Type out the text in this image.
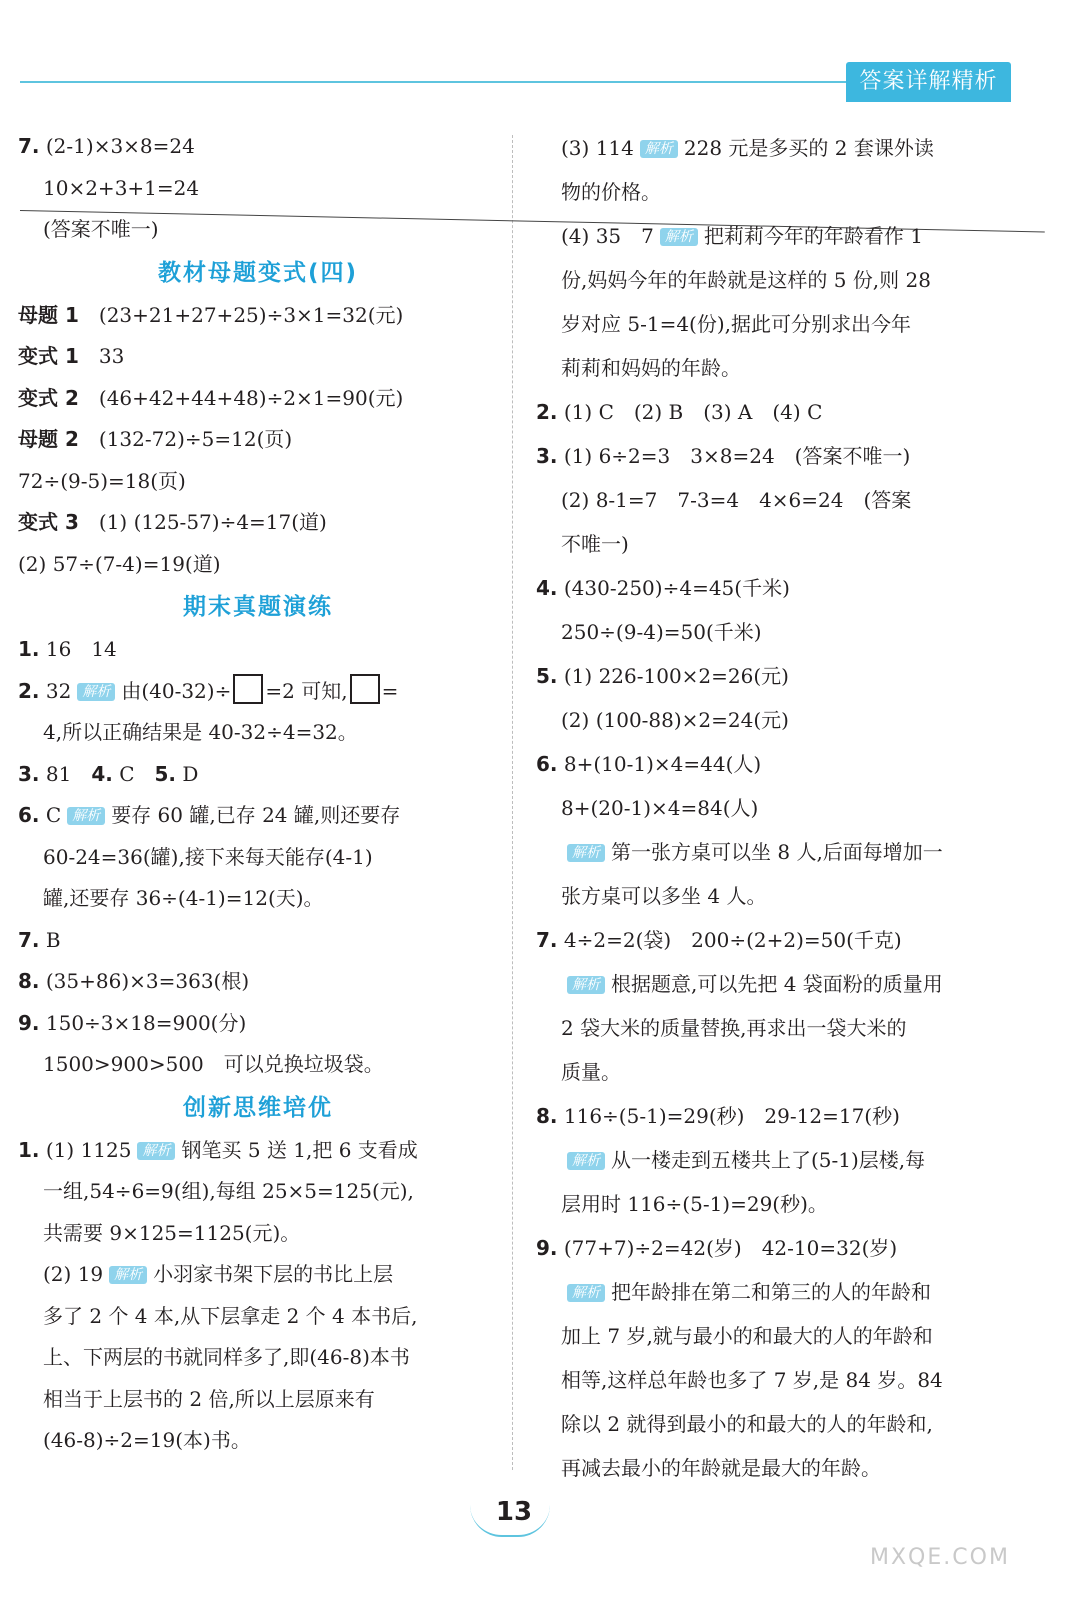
答案详解精析
7. (2-1)×3×8=24
10×2+3+1=24
(答案不唯一)
教材母题变式(四)
母题 1　 (23+21+27+25)÷3×1=32(元)
变式 1　 33
变式 2　 (46+42+44+48)÷2×1=90(元)
母题 2　 (132-72)÷5=12(页)
72÷(9-5)=18(页)
变式 3　 (1) (125-57)÷4=17(道)
(2) 57÷(7-4)=19(道)
期末真题演练
1. 16　14
2. 32 解析 由(40-32)÷ =2 可知, =
4,所以正确结果是 40-32÷4=32。
3. 81　 4. C　 5. D
6. C 解析 要存 60 罐,已存 24 罐,则还要存
60-24=36(罐),接下来每天能存(4-1)
罐,还要存 36÷(4-1)=12(天)。
7. B
8. (35+86)×3=363(根)
9. 150÷3×18=900(分)
1500>900>500　可以兑换垃圾袋。
创新思维培优
1. (1) 1125 解析 钢笔买 5 送 1,把 6 支看成
一组,54÷6=9(组),每组 25×5=125(元),
共需要 9×125=1125(元)。
(2) 19 解析 小羽家书架下层的书比上层
多了 2 个 4 本,从下层拿走 2 个 4 本书后,
上、下两层的书就同样多了,即(46-8)本书
相当于上层书的 2 倍,所以上层原来有
(46-8)÷2=19(本)书。
(3) 114 解析 228 元是多买的 2 套课外读
物的价格。
(4) 35　7 解析 把莉莉今年的年龄看作 1
份,妈妈今年的年龄就是这样的 5 份,则 28
岁对应 5-1=4(份),据此可分别求出今年
莉莉和妈妈的年龄。
2. (1) C　(2) B　(3) A　(4) C
3. (1) 6÷2=3　3×8=24　(答案不唯一)
(2) 8-1=7　7-3=4　4×6=24　(答案
不唯一)
4. (430-250)÷4=45(千米)
250÷(9-4)=50(千米)
5. (1) 226-100×2=26(元)
(2) (100-88)×2=24(元)
6. 8+(10-1)×4=44(人)
8+(20-1)×4=84(人)
解析 第一张方桌可以坐 8 人,后面每增加一
张方桌可以多坐 4 人。
7. 4÷2=2(袋)　200÷(2+2)=50(千克)
解析 根据题意,可以先把 4 袋面粉的质量用
2 袋大米的质量替换,再求出一袋大米的
质量。
8. 116÷(5-1)=29(秒)　29-12=17(秒)
解析 从一楼走到五楼共上了(5-1)层楼,每
层用时 116÷(5-1)=29(秒)。
9. (77+7)÷2=42(岁)　42-10=32(岁)
解析 把年龄排在第二和第三的人的年龄和
加上 7 岁,就与最小的和最大的人的年龄和
相等,这样总年龄也多了 7 岁,是 84 岁。84
除以 2 就得到最小的和最大的人的年龄和,
再减去最小的年龄就是最大的年龄。
13
MXQE.COM
